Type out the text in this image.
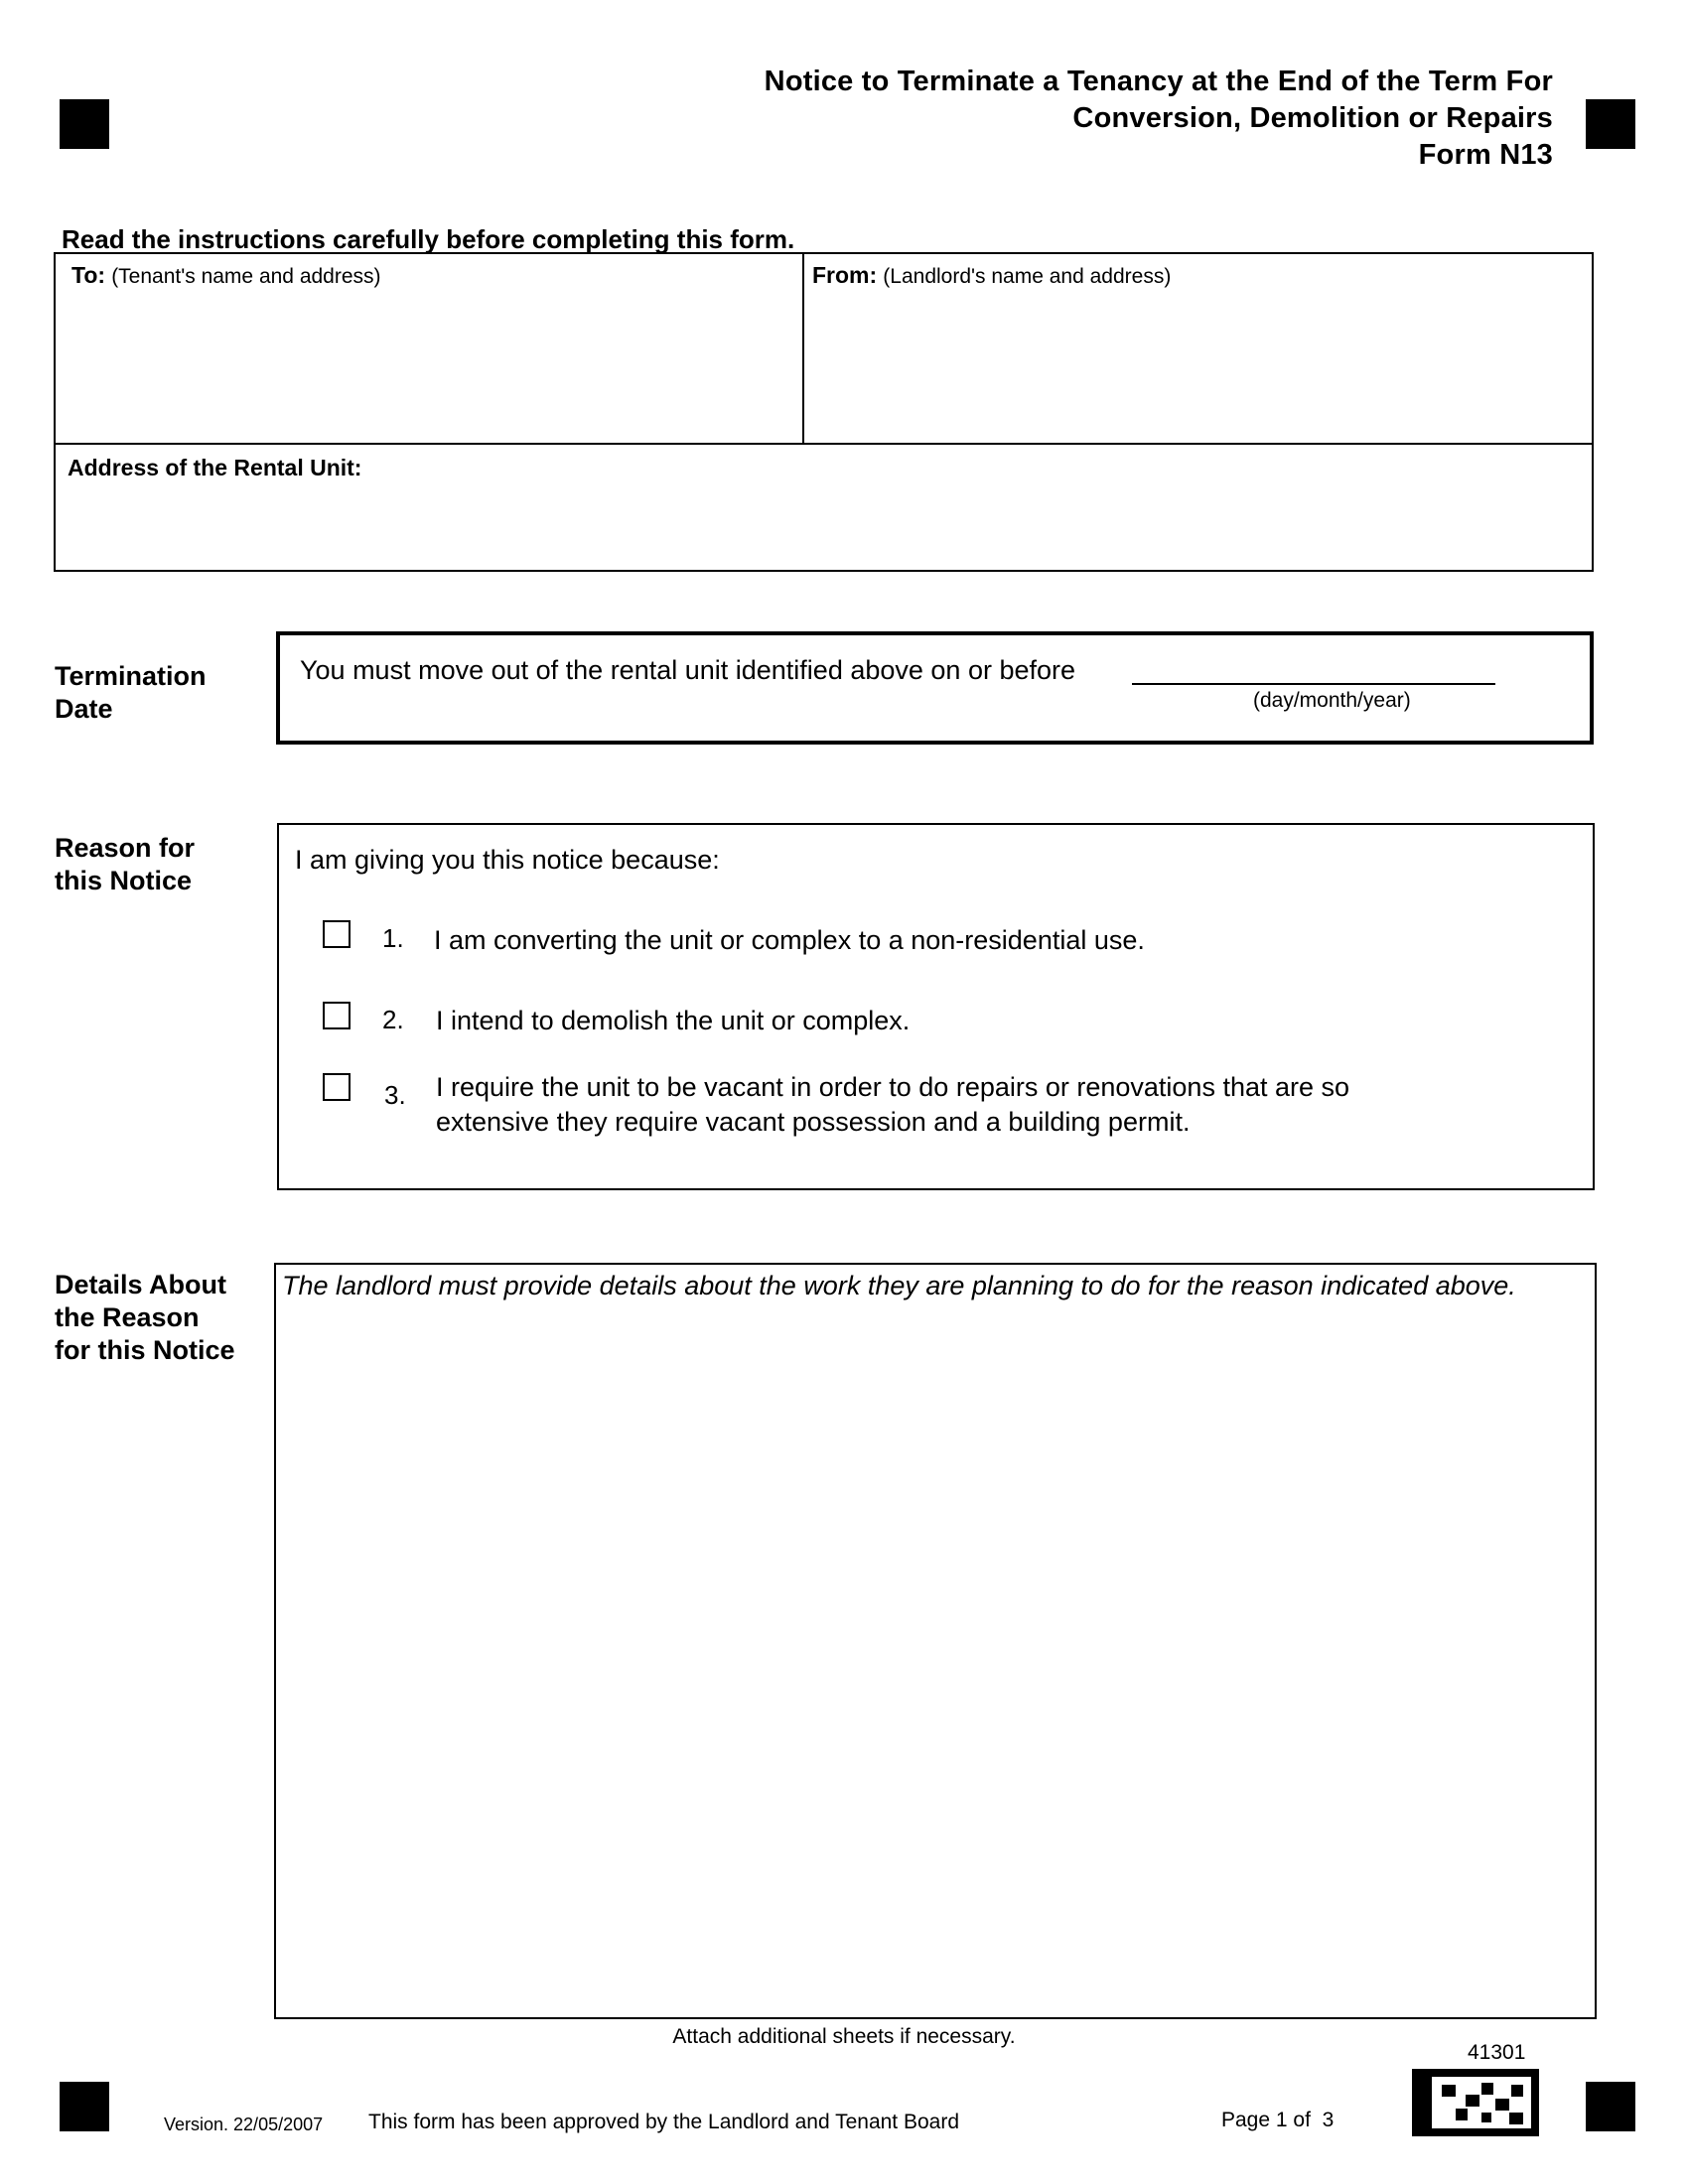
Notice to Terminate a Tenancy at the End of the Term For
Conversion, Demolition or Repairs
Form N13
Read the instructions carefully before completing this form.
To: (Tenant's name and address)	From: (Landlord's name and address)
Address of the Rental Unit:
Termination
Date
You must move out of the rental unit identified above on or before
(day/month/year)
Reason for
this Notice
I am giving you this notice because:
1. I am converting the unit or complex to a non-residential use.
2. I intend to demolish the unit or complex.
3. I require the unit to be vacant in order to do repairs or renovations that are so
extensive they require vacant possession and a building permit.
Details About
the Reason
for this Notice
The landlord must provide details about the work they are planning to do for the reason indicated above.
Attach additional sheets if necessary.
41301
Version. 22/05/2007 This form has been approved by the Landlord and Tenant Board	Page 1 of  3
